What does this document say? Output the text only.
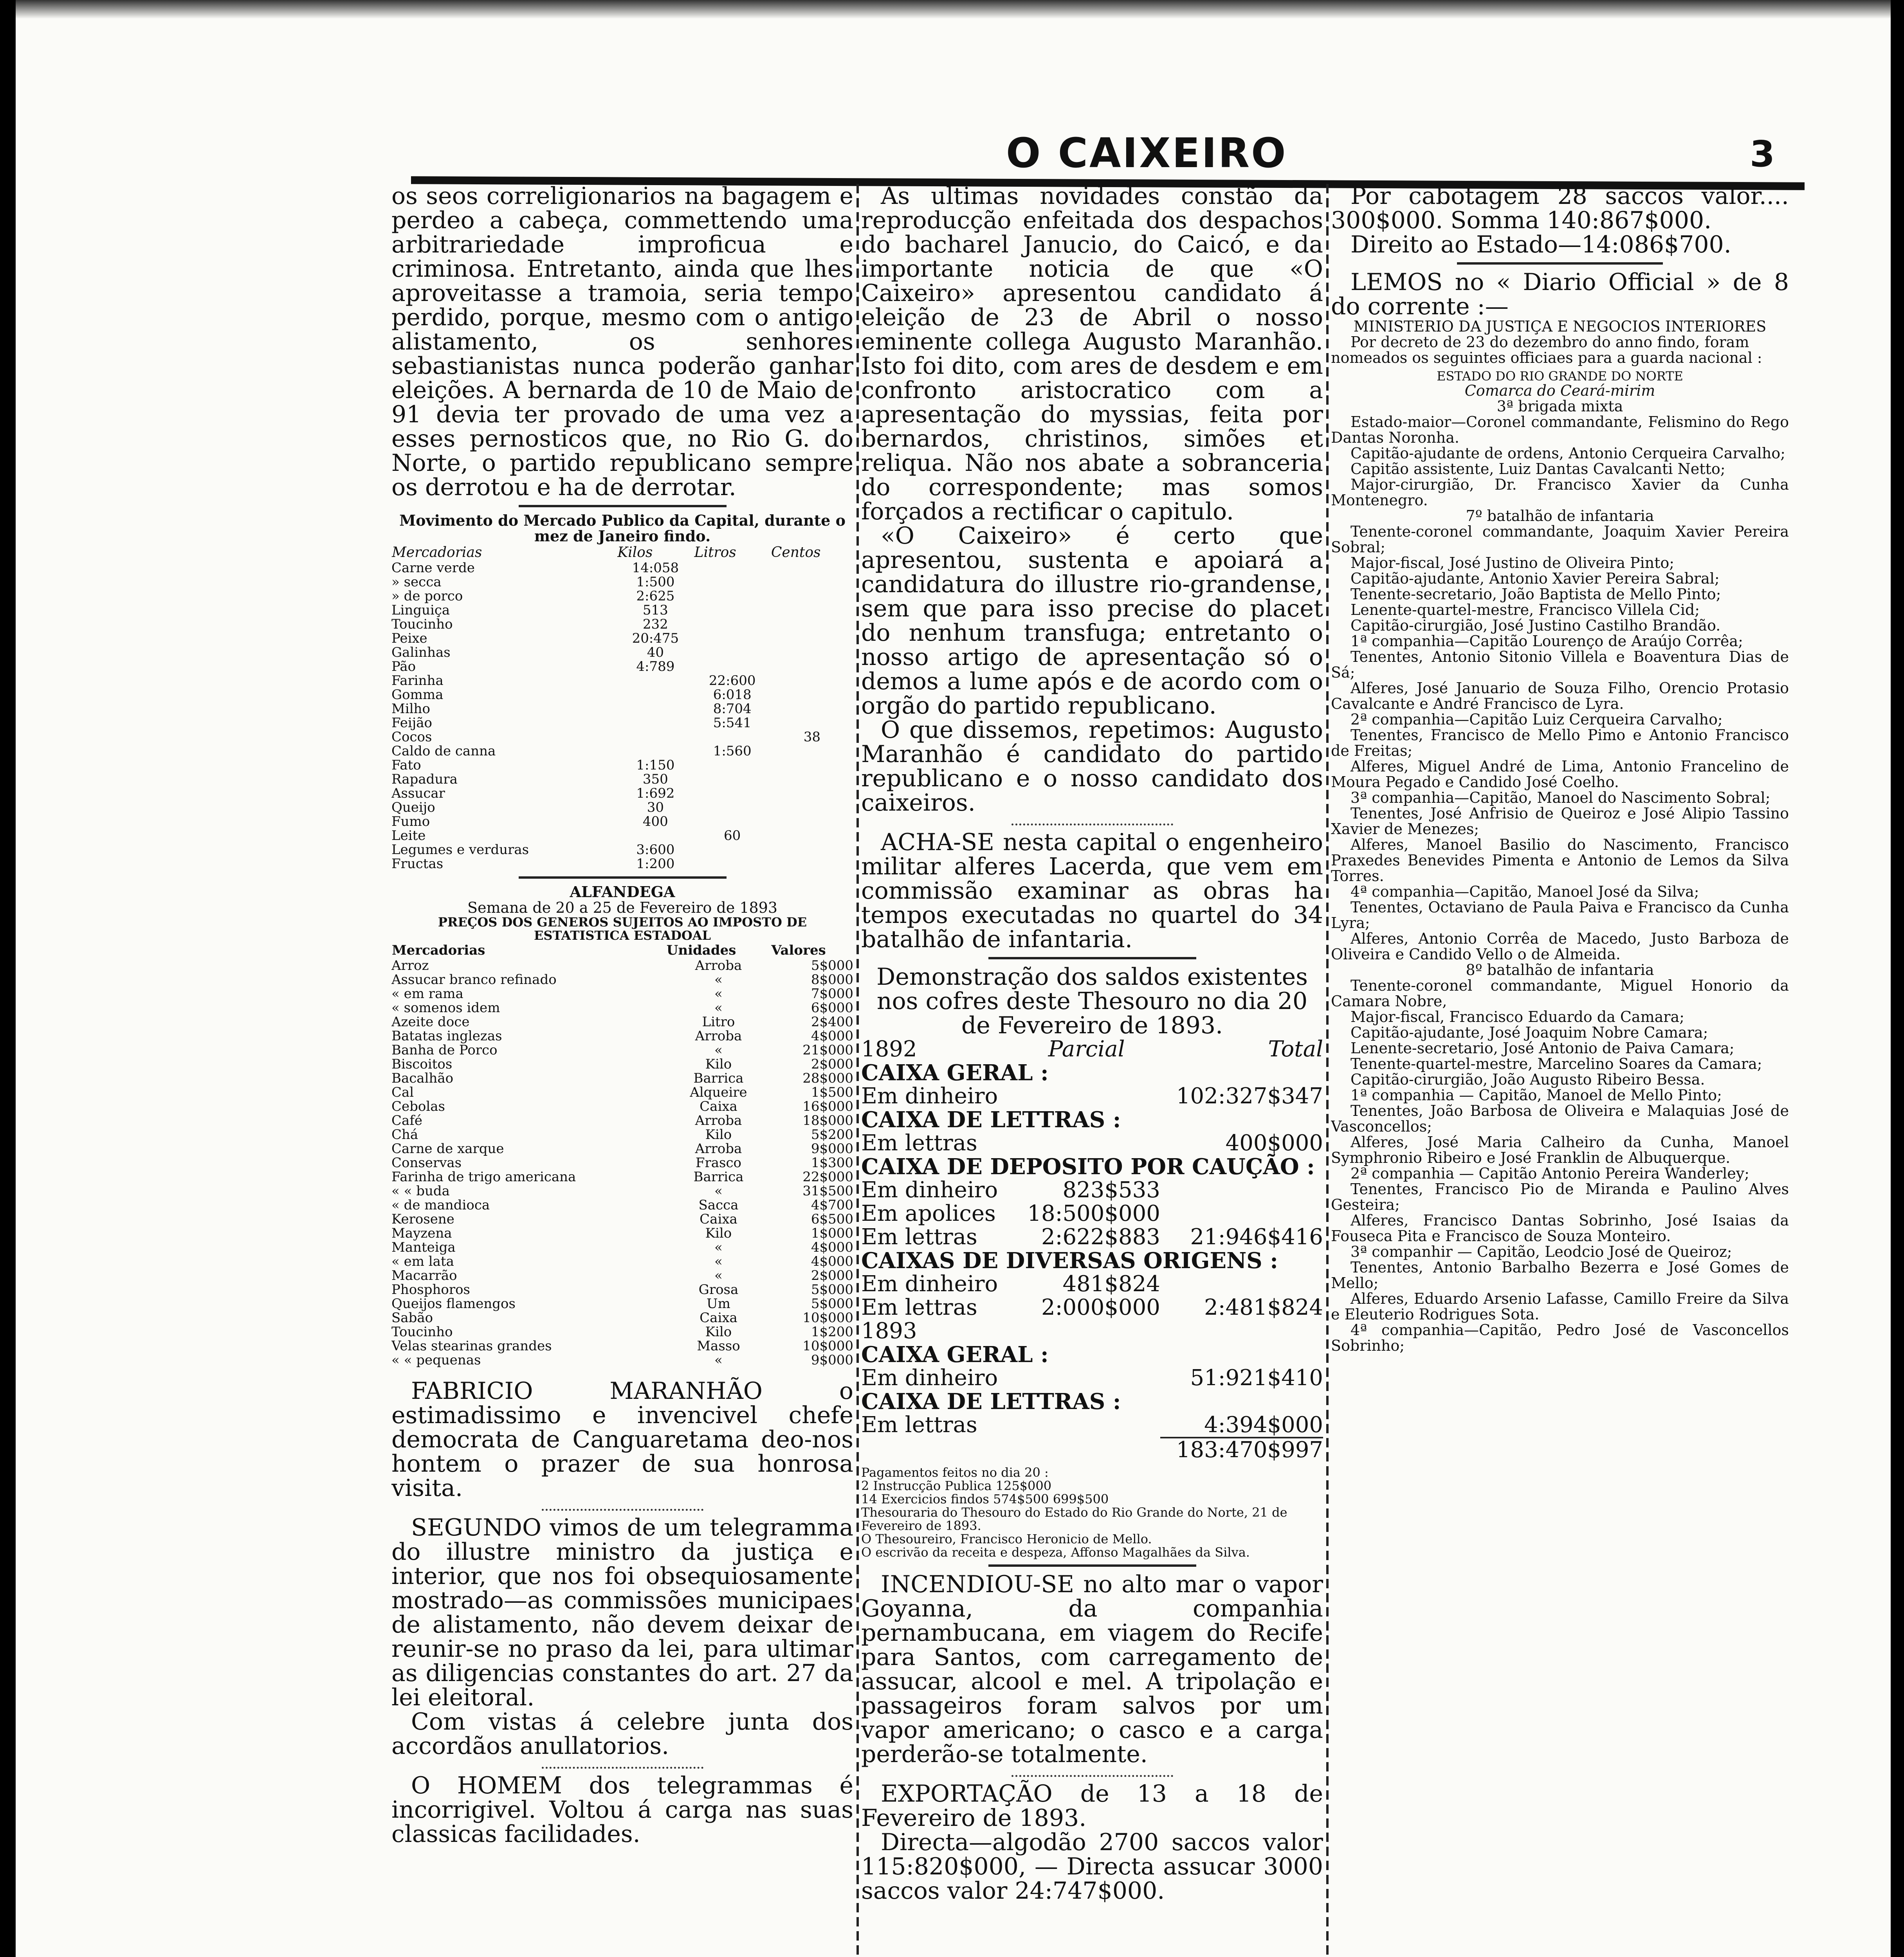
O CAIXEIRO	3

os seos correligionarios na bagagem e perdeo a cabeça, commettendo uma arbitrariedade improficua e criminosa. Entretanto, ainda que lhes aproveitasse a tramoia, seria tempo perdido, porque, mesmo com o antigo alistamento, os senhores sebastianistas nunca poderão ganhar eleições. A bernarda de 10 de Maio de 91 devia ter provado de uma vez a esses pernosticos que, no Rio G. do Norte, o partido republicano sempre os derrotou e ha de derrotar.

Movimento do Mercado Publico da Capital, durante o mez de Janeiro findo.

Mercadorias	Kilos	Litros	Centos
Carne verde	14:058		
» secca	1:500		
» de porco	2:625		
Linguiça	513		
Toucinho	232		
Peixe	20:475		
Galinhas	40		
Pão	4:789		
Farinha		22:600	
Gomma		6:018	
Milho		8:704	
Feijão		5:541	
Cocos			38
Caldo de canna		1:560	
Fato	1:150		
Rapadura	350		
Assucar	1:692		
Queijo	30		
Fumo	400		
Leite		60	
Legumes e verduras	3:600		
Fructas	1:200		

ALFANDEGA

Semana de 20 a 25 de Fevereiro de 1893

PREÇOS DOS GENEROS SUJEITOS AO IMPOSTO DE ESTATISTICA ESTADOAL

Mercadorias	Unidades	Valores
Arroz	Arroba	5$000
Assucar branco refinado	«	8$000
« em rama	«	7$000
« somenos idem	«	6$000
Azeite doce	Litro	2$400
Batatas inglezas	Arroba	4$000
Banha de Porco	«	21$000
Biscoitos	Kilo	2$000
Bacalhão	Barrica	28$000
Cal	Alqueire	1$500
Cebolas	Caixa	16$000
Café	Arroba	18$000
Chá	Kilo	5$200
Carne de xarque	Arroba	9$000
Conservas	Frasco	1$300
Farinha de trigo americana	Barrica	22$000
« « buda	«	31$500
« de mandioca	Sacca	4$700
Kerosene	Caixa	6$500
Mayzena	Kilo	1$000
Manteiga	«	4$000
« em lata	«	4$000
Macarrão	«	2$000
Phosphoros	Grosa	5$000
Queijos flamengos	Um	5$000
Sabão	Caixa	10$000
Toucinho	Kilo	1$200
Velas stearinas grandes	Masso	10$000
« « pequenas	«	9$000

FABRICIO MARANHÃO o estimadissimo e invencivel chefe democrata de Canguaretama deo-nos hontem o prazer de sua honrosa visita.

SEGUNDO vimos de um telegramma do illustre ministro da justiça e interior, que nos foi obsequiosamente mostrado—as commissões municipaes de alistamento, não devem deixar de reunir-se no praso da lei, para ultimar as diligencias constantes do art. 27 da lei eleitoral.

Com vistas á celebre junta dos accordãos anullatorios.

O HOMEM dos telegrammas é incorrigivel. Voltou á carga nas suas classicas facilidades.

As ultimas novidades constão da reproducção enfeitada dos despachos do bacharel Janucio, do Caicó, e da importante noticia de que «O Caixeiro» apresentou candidato á eleição de 23 de Abril o nosso eminente collega Augusto Maranhão. Isto foi dito, com ares de desdem e em confronto aristocratico com a apresentação do myssias, feita por bernardos, christinos, simões et reliqua. Não nos abate a sobranceria do correspondente; mas somos forçados a rectificar o capitulo.

«O Caixeiro» é certo que apresentou, sustenta e apoiará a candidatura do illustre rio-grandense, sem que para isso precise do placet do nenhum transfuga; entretanto o nosso artigo de apresentação só o demos a lume após e de acordo com o orgão do partido republicano.

O que dissemos, repetimos: Augusto Maranhão é candidato do partido republicano e o nosso candidato dos caixeiros.

ACHA-SE nesta capital o engenheiro militar alferes Lacerda, que vem em commissão examinar as obras ha tempos executadas no quartel do 34 batalhão de infantaria.

Demonstração dos saldos existentes nos cofres deste Thesouro no dia 20 de Fevereiro de 1893.

1892	Parcial	Total
CAIXA GERAL :		
Em dinheiro		102:327$347
CAIXA DE LETTRAS :		
Em lettras		400$000
CAIXA DE DEPOSITO POR CAUÇÃO :		
Em dinheiro	823$533	
Em apolices	18:500$000	
Em lettras	2:622$883	21:946$416
CAIXAS DE DIVERSAS ORIGENS :		
Em dinheiro	481$824	
Em lettras	2:000$000	2:481$824
1893		
CAIXA GERAL :		
Em dinheiro		51:921$410
CAIXA DE LETTRAS :		
Em lettras		4:394$000
		183:470$997

Pagamentos feitos no dia 20 :

2 Instrucção Publica 125$000

14 Exercicios findos 574$500 699$500

Thesouraria do Thesouro do Estado do Rio Grande do Norte, 21 de Fevereiro de 1893.

O Thesoureiro, Francisco Heronicio de Mello.

O escrivão da receita e despeza, Affonso Magalhães da Silva.

INCENDIOU-SE no alto mar o vapor Goyanna, da companhia pernambucana, em viagem do Recife para Santos, com carregamento de assucar, alcool e mel. A tripolação e passageiros foram salvos por um vapor americano; o casco e a carga perderão-se totalmente.

EXPORTAÇÃO de 13 a 18 de Fevereiro de 1893.

Directa—algodão 2700 saccos valor 115:820$000, — Directa assucar 3000 saccos valor 24:747$000.

Por cabotagem 28 saccos valor.... 300$000. Somma 140:867$000.

Direito ao Estado—14:086$700.

LEMOS no « Diario Official » de 8 do corrente :—

MINISTERIO DA JUSTIÇA E NEGOCIOS INTERIORES

Por decreto de 23 do dezembro do anno findo, foram nomeados os seguintes officiaes para a guarda nacional :

ESTADO DO RIO GRANDE DO NORTE

Comarca do Ceará-mirim

3ª brigada mixta

Estado-maior—Coronel commandante, Felismino do Rego Dantas Noronha.

Capitão-ajudante de ordens, Antonio Cerqueira Carvalho;

Capitão assistente, Luiz Dantas Cavalcanti Netto;

Major-cirurgião, Dr. Francisco Xavier da Cunha Montenegro.

7º batalhão de infantaria

Tenente-coronel commandante, Joaquim Xavier Pereira Sobral;

Major-fiscal, José Justino de Oliveira Pinto;

Capitão-ajudante, Antonio Xavier Pereira Sabral;

Tenente-secretario, João Baptista de Mello Pinto;

Lenente-quartel-mestre, Francisco Villela Cid;

Capitão-cirurgião, José Justino Castilho Brandão.

1ª companhia—Capitão Lourenço de Araújo Corrêa;

Tenentes, Antonio Sitonio Villela e Boaventura Dias de Sá;

Alferes, José Januario de Souza Filho, Orencio Protasio Cavalcante e André Francisco de Lyra.

2ª companhia—Capitão Luiz Cerqueira Carvalho;

Tenentes, Francisco de Mello Pimo e Antonio Francisco de Freitas;

Alferes, Miguel André de Lima, Antonio Francelino de Moura Pegado e Candido José Coelho.

3ª companhia—Capitão, Manoel do Nascimento Sobral;

Tenentes, José Anfrisio de Queiroz e José Alipio Tassino Xavier de Menezes;

Alferes, Manoel Basilio do Nascimento, Francisco Praxedes Benevides Pimenta e Antonio de Lemos da Silva Torres.

4ª companhia—Capitão, Manoel José da Silva;

Tenentes, Octaviano de Paula Paiva e Francisco da Cunha Lyra;

Alferes, Antonio Corrêa de Macedo, Justo Barboza de Oliveira e Candido Vello o de Almeida.

8º batalhão de infantaria

Tenente-coronel commandante, Miguel Honorio da Camara Nobre,

Major-fiscal, Francisco Eduardo da Camara;

Capitão-ajudante, José Joaquim Nobre Camara;

Lenente-secretario, José Antonio de Paiva Camara;

Tenente-quartel-mestre, Marcelino Soares da Camara;

Capitão-cirurgião, João Augusto Ribeiro Bessa.

1ª companhia — Capitão, Manoel de Mello Pinto;

Tenentes, João Barbosa de Oliveira e Malaquias José de Vasconcellos;

Alferes, José Maria Calheiro da Cunha, Manoel Symphronio Ribeiro e José Franklin de Albuquerque.

2ª companhia — Capitão Antonio Pereira Wanderley;

Tenentes, Francisco Pio de Miranda e Paulino Alves Gesteira;

Alferes, Francisco Dantas Sobrinho, José Isaias da Fouseca Pita e Francisco de Souza Monteiro.

3ª companhir — Capitão, Leodcio José de Queiroz;

Tenentes, Antonio Barbalho Bezerra e José Gomes de Mello;

Alferes, Eduardo Arsenio Lafasse, Camillo Freire da Silva e Eleuterio Rodrigues Sota.

4ª companhia—Capitão, Pedro José de Vasconcellos Sobrinho;
